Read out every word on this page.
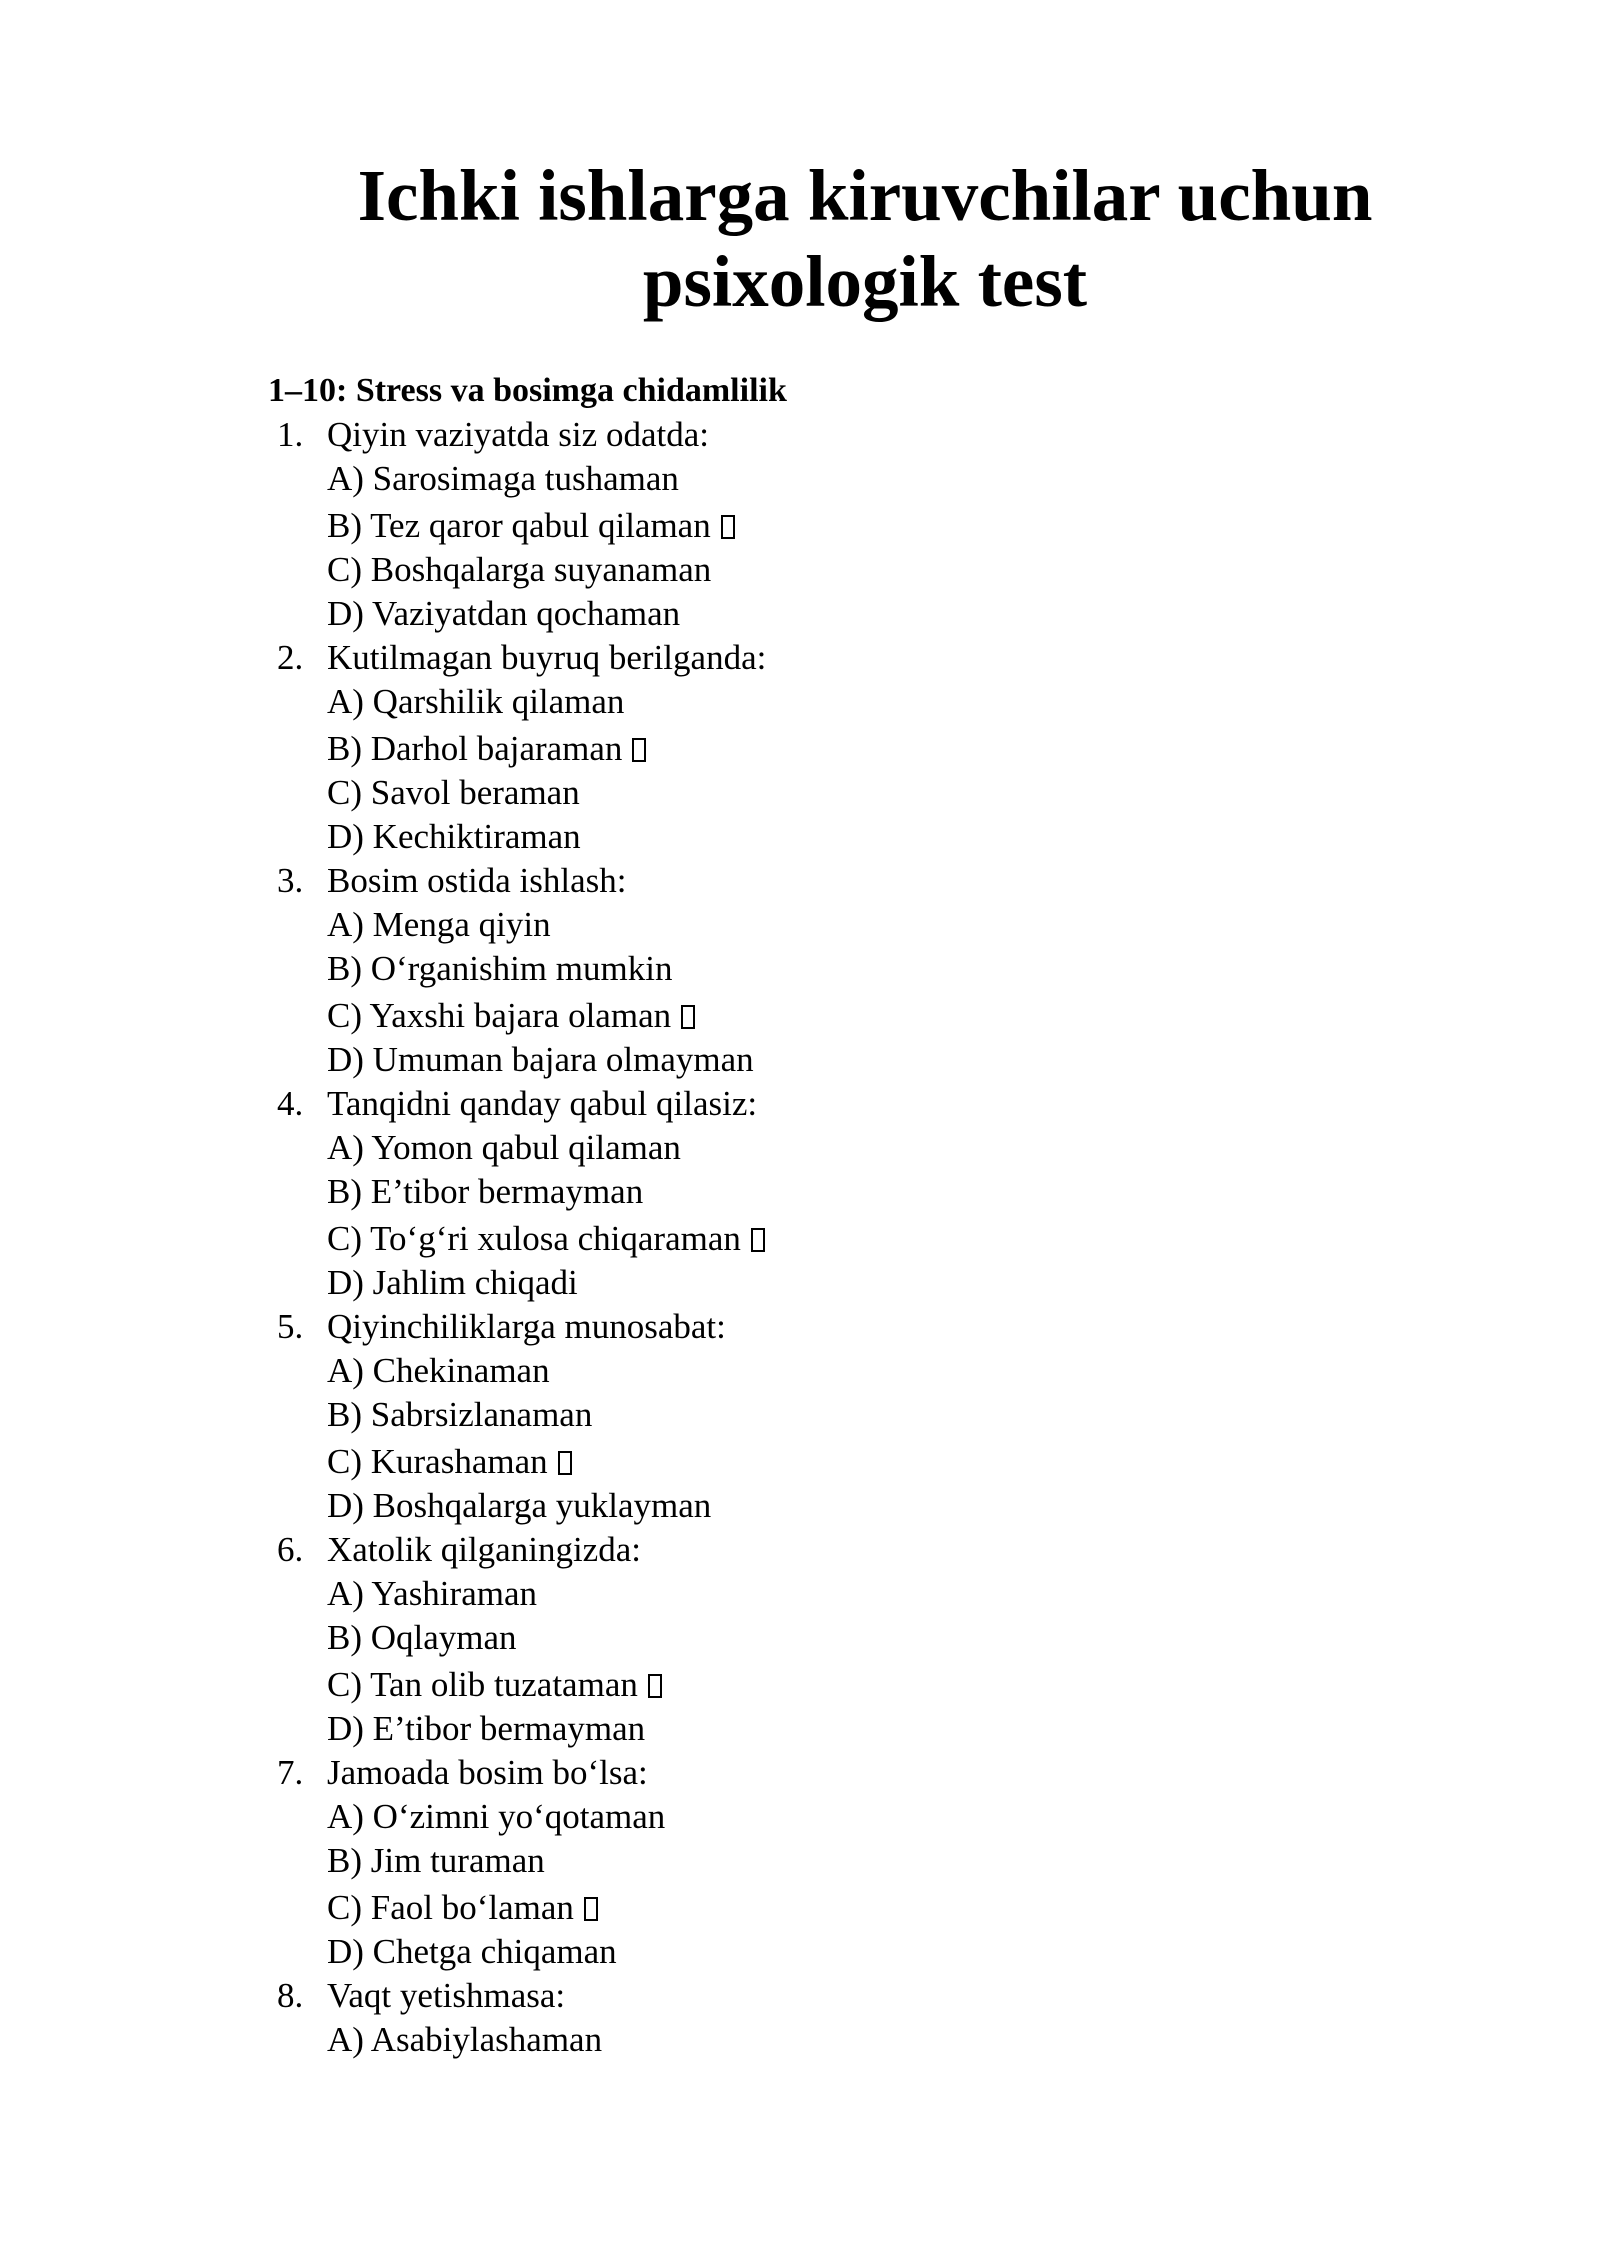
Ichki ishlarga kiruvchilar uchun
psixologik test
1–10: Stress va bosimga chidamlilik
1. Qiyin vaziyatda siz odatda:
A) Sarosimaga tushaman
B) Tez qaror qabul qilaman
C) Boshqalarga suyanaman
D) Vaziyatdan qochaman
2. Kutilmagan buyruq berilganda:
A) Qarshilik qilaman
B) Darhol bajaraman
C) Savol beraman
D) Kechiktiraman
3. Bosim ostida ishlash:
A) Menga qiyin
B) O‘rganishim mumkin
C) Yaxshi bajara olaman
D) Umuman bajara olmayman
4. Tanqidni qanday qabul qilasiz:
A) Yomon qabul qilaman
B) E’tibor bermayman
C) To‘g‘ri xulosa chiqaraman
D) Jahlim chiqadi
5. Qiyinchiliklarga munosabat:
A) Chekinaman
B) Sabrsizlanaman
C) Kurashaman
D) Boshqalarga yuklayman
6. Xatolik qilganingizda:
A) Yashiraman
B) Oqlayman
C) Tan olib tuzataman
D) E’tibor bermayman
7. Jamoada bosim bo‘lsa:
A) O‘zimni yo‘qotaman
B) Jim turaman
C) Faol bo‘laman
D) Chetga chiqaman
8. Vaqt yetishmasa:
A) Asabiylashaman
